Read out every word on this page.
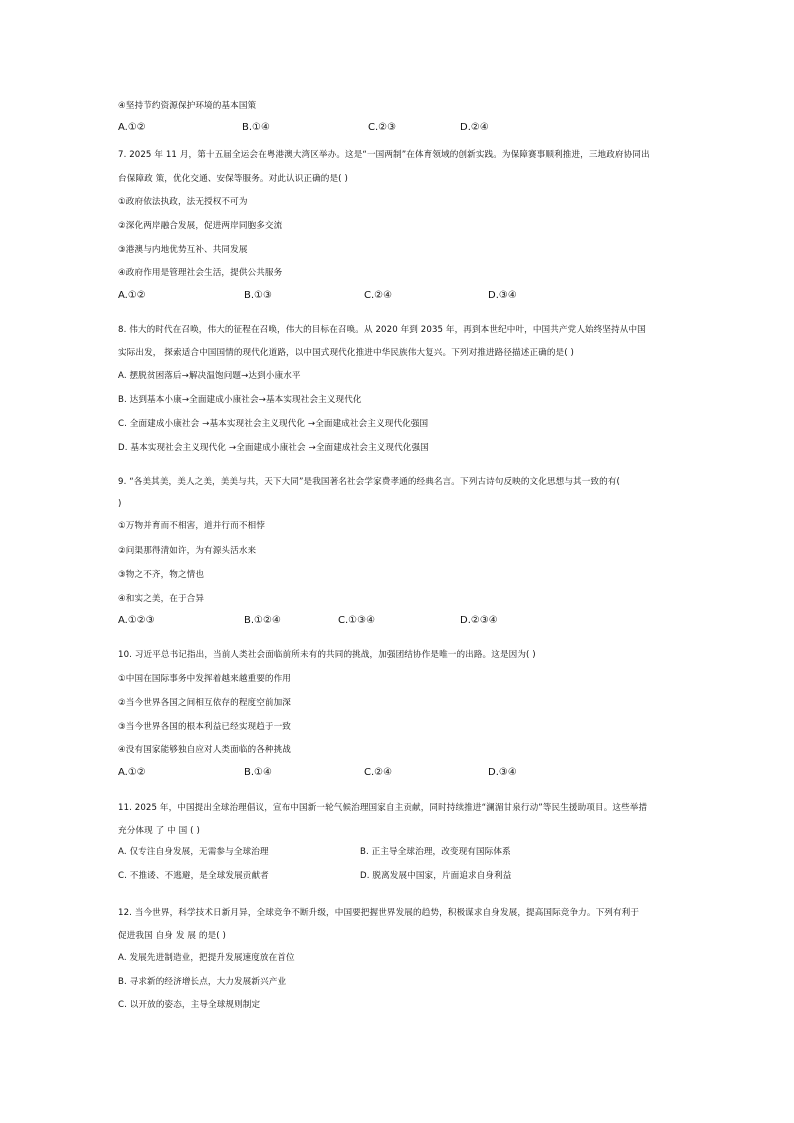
④坚持节约资源保护环境的基本国策
A.①②	B.①④	C.②③	D.②④
7. 2025 年 11 月，第十五届全运会在粤港澳大湾区举办。这是“一国两制”在体育领域的创新实践。为保障赛事顺利推进，三地政府协同出
台保障政 策，优化交通、安保等服务。对此认识正确的是( )
①政府依法执政，法无授权不可为
②深化两岸融合发展，促进两岸同胞多交流
③港澳与内地优势互补、共同发展
④政府作用是管理社会生活，提供公共服务
A.①②	B.①③	C.②④	D.③④
8. 伟大的时代在召唤，伟大的征程在召唤，伟大的目标在召唤。从 2020 年到 2035 年，再到本世纪中叶，中国共产党人始终坚持从中国
实际出发， 探索适合中国国情的现代化道路，以中国式现代化推进中华民族伟大复兴。下列对推进路径描述正确的是( )
A. 摆脱贫困落后→解决温饱问题→达到小康水平
B. 达到基本小康→全面建成小康社会→基本实现社会主义现代化
C. 全面建成小康社会 →基本实现社会主义现代化 →全面建成社会主义现代化强国
D. 基本实现社会主义现代化 →全面建成小康社会 →全面建成社会主义现代化强国
9. “各美其美，美人之美，美美与共，天下大同”是我国著名社会学家费孝通的经典名言。下列古诗句反映的文化思想与其一致的有(
)
①万物并育而不相害，道并行而不相悖
②问渠那得清如许，为有源头活水来
③物之不齐，物之情也
④和实之美，在于合异
A.①②③	B.①②④	C.①③④	D.②③④
10. 习近平总书记指出，当前人类社会面临前所未有的共同的挑战，加强团结协作是唯一的出路。这是因为( )
①中国在国际事务中发挥着越来越重要的作用
②当今世界各国之间相互依存的程度空前加深
③当今世界各国的根本利益已经实现趋于一致
④没有国家能够独自应对人类面临的各种挑战
A.①②	B.①④	C.②④	D.③④
11. 2025 年，中国提出全球治理倡议，宣布中国新一轮气候治理国家自主贡献，同时持续推进“澜湄甘泉行动”等民生援助项目。这些举措
充分体现 了 中 国 ( )
A. 仅专注自身发展，无需参与全球治理	B. 正主导全球治理，改变现有国际体系
C. 不推诿、不逃避，是全球发展贡献者	D. 脱离发展中国家，片面追求自身利益
12. 当今世界，科学技术日新月异，全球竞争不断升级，中国要把握世界发展的趋势，积极谋求自身发展，提高国际竞争力。下列有利于
促进我国 自身 发 展 的是( )
A. 发展先进制造业，把提升发展速度放在首位
B. 寻求新的经济增长点，大力发展新兴产业
C. 以开放的姿态，主导全球规则制定
